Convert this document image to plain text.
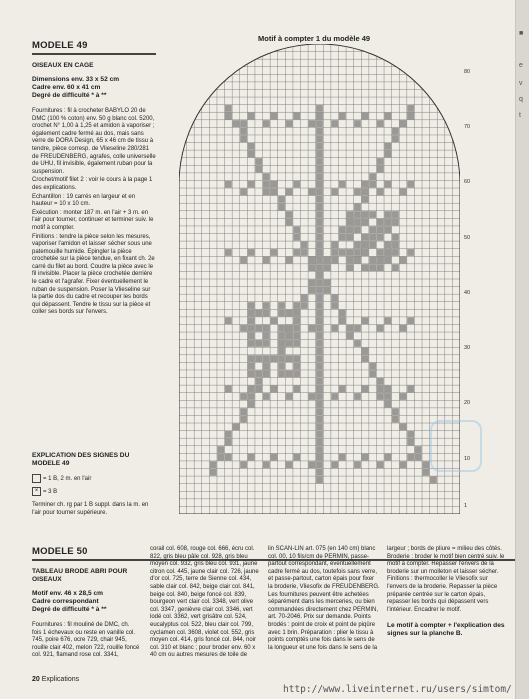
MODELE 49
OISEAUX EN CAGE
Dimensions env. 33 x 52 cm
Cadre env. 60 x 41 cm
Degré de difficulté * à **
Fournitures : fil à crocheter BABYLO 20 de DMC (100 % coton) env. 50 g blanc col. 5200, crochet N° 1,00 à 1,25 et amidon à vaporiser ; également cadre fermé au dos, mais sans verre de DORA Design, 65 x 46 cm de tissu à tendre, pièce corresp. de Vlieseline 280/281 de FREUDENBERG, agrafes, colle universelle de UHU, fil invisible, également ruban pour la suspension.
Crochet/motif filet 2 : voir le cours à la page 1 des explications.
Echantillon : 19 carrés en largeur et en hauteur = 10 x 10 cm.
Exécution : monter 187 m. en l'air + 3 m. en l'air pour tourner, continuer et terminer suiv. le motif à compter.
Finitions : tendre la pièce selon les mesures, vaporiser l'amidon et laisser sécher sous une patemouille humide. Epingler la pièce crochetée sur la pièce tendue, en fixant ch. 2e carré du filet au bord. Coudre la pièce avec le fil invisible. Placer la pièce crochetée derrière le cadre et l'agrafer. Fixer éventuellement le ruban de suspension. Poser la Vlieseline sur la partie dos du cadre et recouper les bords qui dépassent. Tendre le tissu sur la pièce et coller ses bords sur l'envers.
EXPLICATION DES SIGNES DU MODELE 49
= 1 B, 2 m. en l'air
× = 3 B
Terminer ch. rg par 1 B suppl. dans la m. en l'air pour tourner supérieure.
Motif à compter 1 du modèle 49
80
70
60
50
40
30
20
10
1
MODELE 50
TABLEAU BRODE ABRI POUR OISEAUX
Motif env. 46 x 28,5 cm
Cadre correspondant
Degré de difficulté * à **
Fournitures : fil mouliné de DMC, ch. fois 1 échevaux ou reste en vanille col. 745, poire 676, ocre 729, chair 945, rouille clair 402, melon 722, rouille foncé col. 921, flamand rose col. 3341,
corail col. 608, rouge col. 666, écru col. 822, gris bleu pâle col. 928, gris bleu moyen col. 932, gris bleu col. 931, jaune citron col. 445, jaune clair col. 726, jaune d'or col. 725, terre de Sienne col. 434, sable clair col. 842, beige clair col. 841, beige col. 840, beige foncé col. 839, bourgeon vert clair col. 3348, vert olive col. 3347, genièvre clair col. 3346, vert lodé col. 3362, vert grisâtre col. 524, eucalyptus col. 522, bleu clair col. 799, cyclamen col. 3608, violet col. 552, gris moyen col. 414, gris foncé col. 844, noir col. 310 et blanc ; pour broder env. 60 x 40 cm ou autres mesures de toile de
lin SCAN-LIN art. 075 (en 140 cm) blanc col. 00, 10 fils/cm de PERMIN, passe-partout correspondant, éventuellement cadre fermé au dos, toutefois sans verre, et passe-partout, carton épais pour fixer la broderie, Vliesofix de FREUDENBERG. Les fournitures peuvent être achetées séparément dans les merceries, ou bien commandées directement chez PERMIN, art. 70-2046. Prix sur demande. Points brodés : point de croix et point de piqûre avec 1 brin. Préparation : plier le tissu à points comptés une fois dans le sens de la longueur et une fois dans le sens de la
largeur ; bords de pliure = milieu des côtés. Broderie : broder le motif bien centré suiv. le motif à compter. Repasser l'envers de la broderie sur un molleton et laisser sécher. Finitions : thermocoller le Vliesofix sur l'envers de la broderie. Repasser la pièce préparée centrée sur le carton épais, repasser les bords qui dépassent vers l'intérieur. Encadrer le motif.
Le motif à compter + l'explication des signes sur la planche B.
20 Explications
■
e
v
q
t
http://www.liveinternet.ru/users/simtom/
